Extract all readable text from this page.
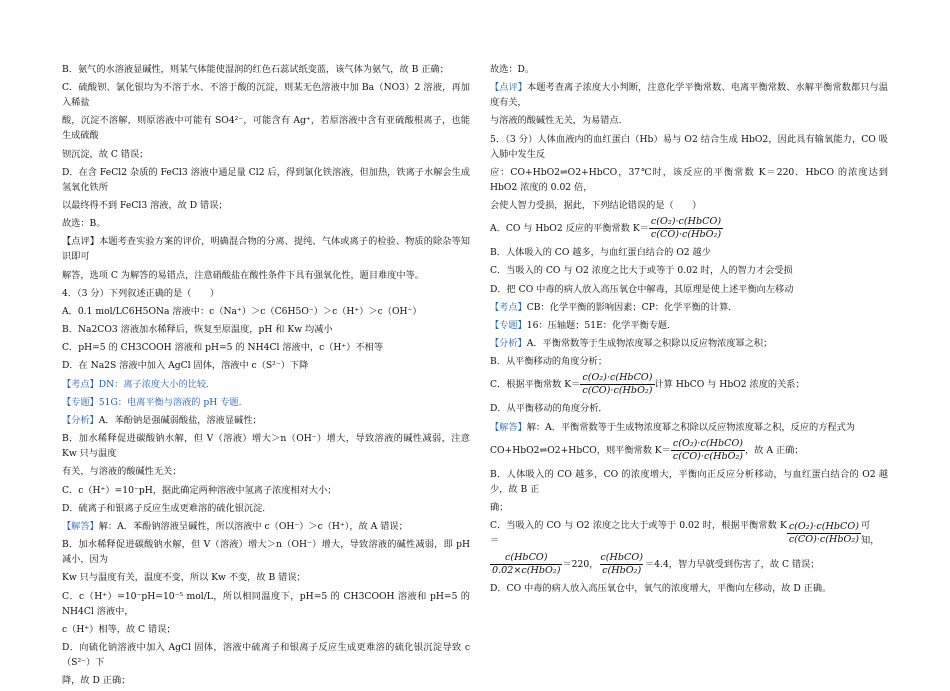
B．氨气的水溶液显碱性，则某气体能使湿润的红色石蕊试纸变蓝，该气体为氨气，故 B 正确；
C．硫酸钡、氯化银均为不溶于水、不溶于酸的沉淀，则某无色溶液中加 Ba（NO3）2 溶液，再加入稀盐
酸，沉淀不溶解，则原溶液中可能有 SO4²⁻，可能含有 Ag⁺，若原溶液中含有亚硫酸根离子，也能生成硫酸
钡沉淀，故 C 错误；
D．在含 FeCl2 杂质的 FeCl3 溶液中通足量 Cl2 后，得到氯化铁溶液，但加热，铁离子水解会生成氢氧化铁所
以最终得不到 FeCl3 溶液，故 D 错误；
故选：B。
【点评】本题考查实验方案的评价，明确混合物的分离、提纯、气体或离子的检验、物质的除杂等知识即可
解答，选项 C 为解答的易错点，注意硝酸盐在酸性条件下具有强氧化性，题目难度中等。
4．（3 分）下列叙述正确的是（　　）
A．0.1 mol/LC6H5ONa 溶液中：c（Na⁺）＞c（C6H5O⁻）＞c（H⁺）＞c（OH⁻）
B．Na2CO3 溶液加水稀释后，恢复至原温度，pH 和 Kw 均减小
C．pH=5 的 CH3COOH 溶液和 pH=5 的 NH4Cl 溶液中，c（H⁺）不相等
D．在 Na2S 溶液中加入 AgCl 固体，溶液中 c（S²⁻）下降
【考点】DN：离子浓度大小的比较．
【专题】51G：电离平衡与溶液的 pH 专题．
【分析】A．苯酚钠是强碱弱酸盐，溶液显碱性；
B．加水稀释促进碳酸钠水解，但 V（溶液）增大＞n（OH⁻）增大，导致溶液的碱性减弱，注意 Kw 只与温度
有关，与溶液的酸碱性无关；
C．c（H⁺）=10⁻pH，据此确定两种溶液中氢离子浓度相对大小；
D．硫离子和银离子反应生成更难溶的硫化银沉淀．
【解答】解：A．苯酚钠溶液呈碱性，所以溶液中 c（OH⁻）＞c（H⁺），故 A 错误；
B．加水稀释促进碳酸钠水解，但 V（溶液）增大＞n（OH⁻）增大，导致溶液的碱性减弱，即 pH 减小，因为
Kw 只与温度有关，温度不变，所以 Kw 不变，故 B 错误；
C．c（H⁺）=10⁻pH=10⁻⁵ mol/L，所以相同温度下，pH=5 的 CH3COOH 溶液和 pH=5 的 NH4Cl 溶液中，
c（H⁺）相等，故 C 错误；
D．向硫化钠溶液中加入 AgCl 固体，溶液中硫离子和银离子反应生成更难溶的硫化银沉淀导致 c（S²⁻）下
降，故 D 正确；
故选：D。
【点评】本题考查离子浓度大小判断，注意化学平衡常数、电离平衡常数、水解平衡常数都只与温度有关，
与溶液的酸碱性无关，为易错点．
5．（3 分）人体血液内的血红蛋白（Hb）易与 O2 结合生成 HbO2，因此具有输氧能力，CO 吸入肺中发生反
应：CO+HbO2⇌O2+HbCO，37℃时，该反应的平衡常数 K＝220．HbCO 的浓度达到 HbO2 浓度的 0.02 倍，
会使人智力受损，据此，下列结论错误的是（　　）
A．CO 与 HbO2 反应的平衡常数 $K= \frac{\text{c(O₂)·c(HbCO)}}{\text{c(CO)·c(HbO₂)}}$
B．人体吸入的 CO 越多，与血红蛋白结合的 O2 越少
C．当吸入的 CO 与 O2 浓度之比大于或等于 0.02 时，人的智力才会受损
D．把 CO 中毒的病人放入高压氧仓中解毒，其原理是使上述平衡向左移动
【考点】CB：化学平衡的影响因素；CP：化学平衡的计算．
【专题】16：压轴题；51E：化学平衡专题．
【分析】A．平衡常数等于生成物浓度幂之积除以反应物浓度幂之积；
B．从平衡移动的角度分析；
C．根据平衡常数 $K= \frac{\text{c(O₂)·c(HbCO)}}{\text{c(CO)·c(HbO₂)}}$ 计算 HbCO 与 HbO2 浓度的关系；
D．从平衡移动的角度分析．
【解答】解：A．平衡常数等于生成物浓度幂之积除以反应物浓度幂之积，反应的方程式为
CO+HbO2⇌O2+HbCO，则平衡常数 $K= \frac{\text{c(O₂)·c(HbCO)}}{\text{c(CO)·c(HbO₂)}}$ ，故 A 正确；
B．人体吸入的 CO 越多，CO 的浓度增大，平衡向正反应分析移动，与血红蛋白结合的 O2 越少，故 B 正
确；
C．当吸入的 CO 与 O2 浓度之比大于或等于 0.02 时，根据平衡常数 K＝	$\frac{\text{c(O₂)·c(HbCO)}}{\text{c(CO)·c(HbO₂)}}$ 可知，
$\frac{\text{c(HbCO)}}{\text{0.02×c(HbO₂)}} =220$， $\frac{\text{c(HbCO)}}{\text{c(HbO₂)}} =4.4$，智力早就受到伤害了，故 C 错误；
D．CO 中毒的病人放入高压氧仓中，氧气的浓度增大，平衡向左移动，故 D 正确。
